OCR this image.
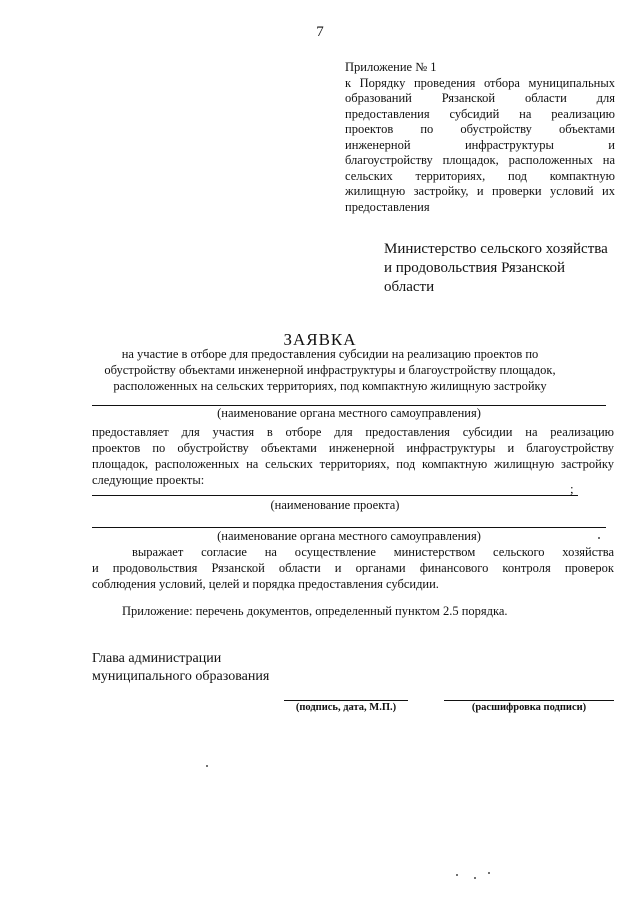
7
Приложение № 1
к Порядку проведения отбора муниципальных
образований Рязанской области для
предоставления субсидий на реализацию
проектов по обустройству объектами
инженерной инфраструктуры и
благоустройству площадок, расположенных на
сельских территориях, под компактную
жилищную застройку, и проверки условий их
предоставления
Министерство сельского хозяйства
и продовольствия Рязанской
области
ЗАЯВКА
на участие в отборе для предоставления субсидии на реализацию проектов по
обустройству объектами инженерной инфраструктуры и благоустройству площадок,
расположенных на сельских территориях, под компактную жилищную застройку
(наименование органа местного самоуправления)
предоставляет для участия в отборе для предоставления субсидии на реализацию
проектов по обустройству объектами инженерной инфраструктуры и благоустройству
площадок, расположенных на сельских территориях, под компактную жилищную застройку
следующие проекты:
;
(наименование проекта)
(наименование органа местного самоуправления)
выражает согласие на осуществление министерством сельского хозяйства
и продовольствия Рязанской области и органами финансового контроля проверок
соблюдения условий, целей и порядка предоставления субсидии.
Приложение: перечень документов, определенный пунктом 2.5 порядка.
Глава администрации
муниципального образования
(подпись, дата, М.П.)	(расшифровка подписи)
